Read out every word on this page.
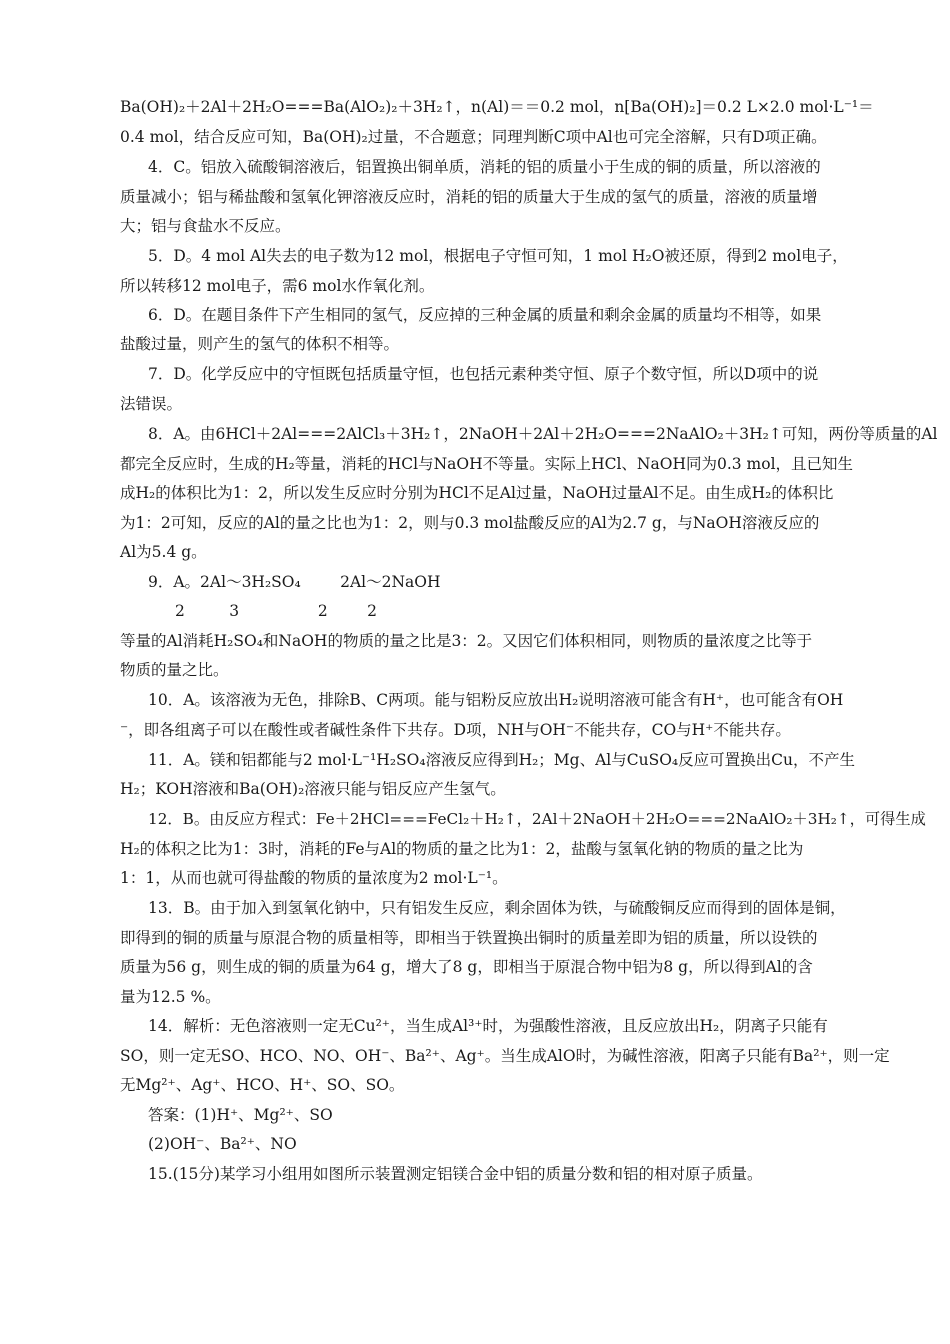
Ba(OH)₂＋2Al＋2H₂O===Ba(AlO₂)₂＋3H₂↑，n(Al)＝＝0.2 mol，n[Ba(OH)₂]＝0.2 L×2.0 mol·L⁻¹＝
0.4 mol，结合反应可知，Ba(OH)₂过量，不合题意；同理判断C项中Al也可完全溶解，只有D项正确。
4．C。铝放入硫酸铜溶液后，铝置换出铜单质，消耗的铝的质量小于生成的铜的质量，所以溶液的
质量减小；铝与稀盐酸和氢氧化钾溶液反应时，消耗的铝的质量大于生成的氢气的质量，溶液的质量增
大；铝与食盐水不反应。
5．D。4 mol Al失去的电子数为12 mol，根据电子守恒可知，1 mol H₂O被还原，得到2 mol电子，
所以转移12 mol电子，需6 mol水作氧化剂。
6．D。在题目条件下产生相同的氢气，反应掉的三种金属的质量和剩余金属的质量均不相等，如果
盐酸过量，则产生的氢气的体积不相等。
7．D。化学反应中的守恒既包括质量守恒，也包括元素种类守恒、原子个数守恒，所以D项中的说
法错误。
8．A。由6HCl＋2Al===2AlCl₃＋3H₂↑，2NaOH＋2Al＋2H₂O===2NaAlO₂＋3H₂↑可知，两份等质量的Al
都完全反应时，生成的H₂等量，消耗的HCl与NaOH不等量。实际上HCl、NaOH同为0.3 mol，且已知生
成H₂的体积比为1：2，所以发生反应时分别为HCl不足Al过量，NaOH过量Al不足。由生成H₂的体积比
为1：2可知，反应的Al的量之比也为1：2，则与0.3 mol盐酸反应的Al为2.7 g，与NaOH溶液反应的
Al为5.4 g。
9．A。2Al～3H₂SO₄        2Al～2NaOH
2         3                2        2
等量的Al消耗H₂SO₄和NaOH的物质的量之比是3：2。又因它们体积相同，则物质的量浓度之比等于
物质的量之比。
10．A。该溶液为无色，排除B、C两项。能与铝粉反应放出H₂说明溶液可能含有H⁺，也可能含有OH
⁻，即各组离子可以在酸性或者碱性条件下共存。D项，NH与OH⁻不能共存，CO与H⁺不能共存。
11．A。镁和铝都能与2 mol·L⁻¹H₂SO₄溶液反应得到H₂；Mg、Al与CuSO₄反应可置换出Cu，不产生
H₂；KOH溶液和Ba(OH)₂溶液只能与铝反应产生氢气。
12．B。由反应方程式：Fe＋2HCl===FeCl₂＋H₂↑，2Al＋2NaOH＋2H₂O===2NaAlO₂＋3H₂↑，可得生成
H₂的体积之比为1：3时，消耗的Fe与Al的物质的量之比为1：2，盐酸与氢氧化钠的物质的量之比为
1：1，从而也就可得盐酸的物质的量浓度为2 mol·L⁻¹。
13．B。由于加入到氢氧化钠中，只有铝发生反应，剩余固体为铁，与硫酸铜反应而得到的固体是铜，
即得到的铜的质量与原混合物的质量相等，即相当于铁置换出铜时的质量差即为铝的质量，所以设铁的
质量为56 g，则生成的铜的质量为64 g，增大了8 g，即相当于原混合物中铝为8 g，所以得到Al的含
量为12.5 %。
14．解析：无色溶液则一定无Cu²⁺，当生成Al³⁺时，为强酸性溶液，且反应放出H₂，阴离子只能有
SO，则一定无SO、HCO、NO、OH⁻、Ba²⁺、Ag⁺。当生成AlO时，为碱性溶液，阳离子只能有Ba²⁺，则一定
无Mg²⁺、Ag⁺、HCO、H⁺、SO、SO。
答案：(1)H⁺、Mg²⁺、SO
(2)OH⁻、Ba²⁺、NO
15.(15分)某学习小组用如图所示装置测定铝镁合金中铝的质量分数和铝的相对原子质量。
